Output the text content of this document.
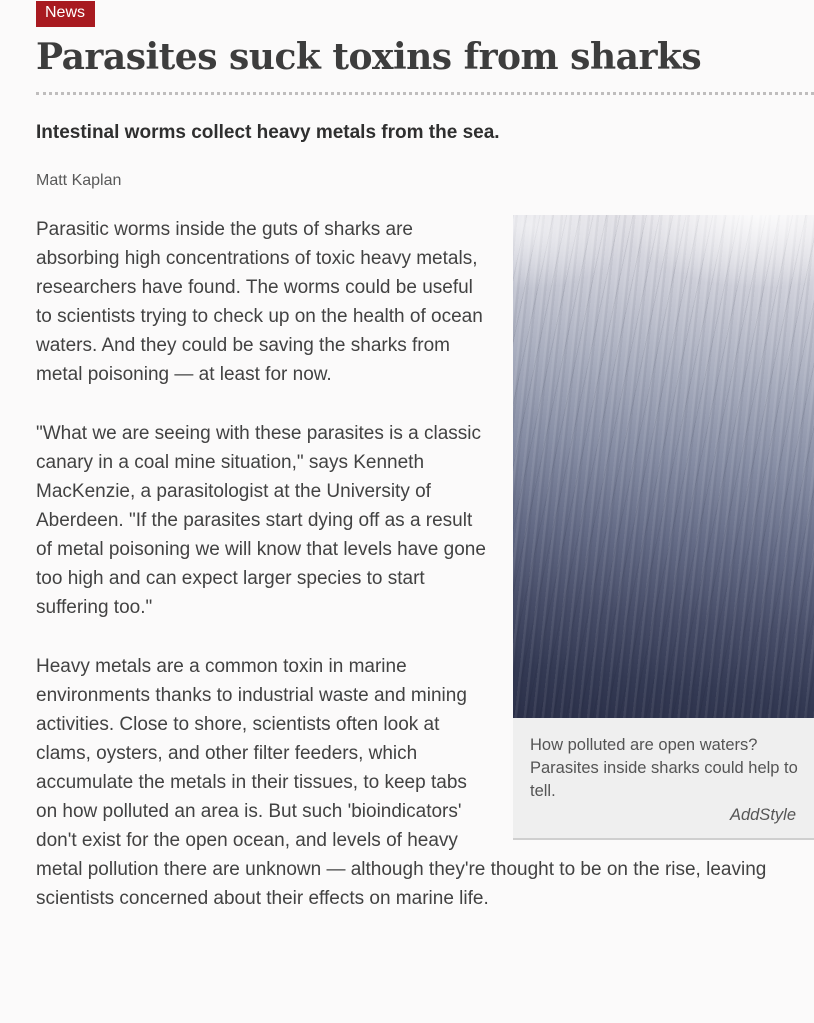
News
Parasites suck toxins from sharks
Intestinal worms collect heavy metals from the sea.
Matt Kaplan
How polluted are open waters? Parasites inside sharks could help to tell.
AddStyle

Parasitic worms inside the guts of sharks are absorbing high concentrations of toxic heavy metals, researchers have found. The worms could be useful to scientists trying to check up on the health of ocean waters. And they could be saving the sharks from metal poisoning — at least for now.

"What we are seeing with these parasites is a classic canary in a coal mine situation," says Kenneth MacKenzie, a parasitologist at the University of Aberdeen. "If the parasites start dying off as a result of metal poisoning we will know that levels have gone too high and can expect larger species to start suffering too."

Heavy metals are a common toxin in marine environments thanks to industrial waste and mining activities. Close to shore, scientists often look at clams, oysters, and other filter feeders, which accumulate the metals in their tissues, to keep tabs on how polluted an area is. But such 'bioindicators' don't exist for the open ocean, and levels of heavy metal pollution there are unknown — although they're thought to be on the rise, leaving scientists concerned about their effects on marine life.
